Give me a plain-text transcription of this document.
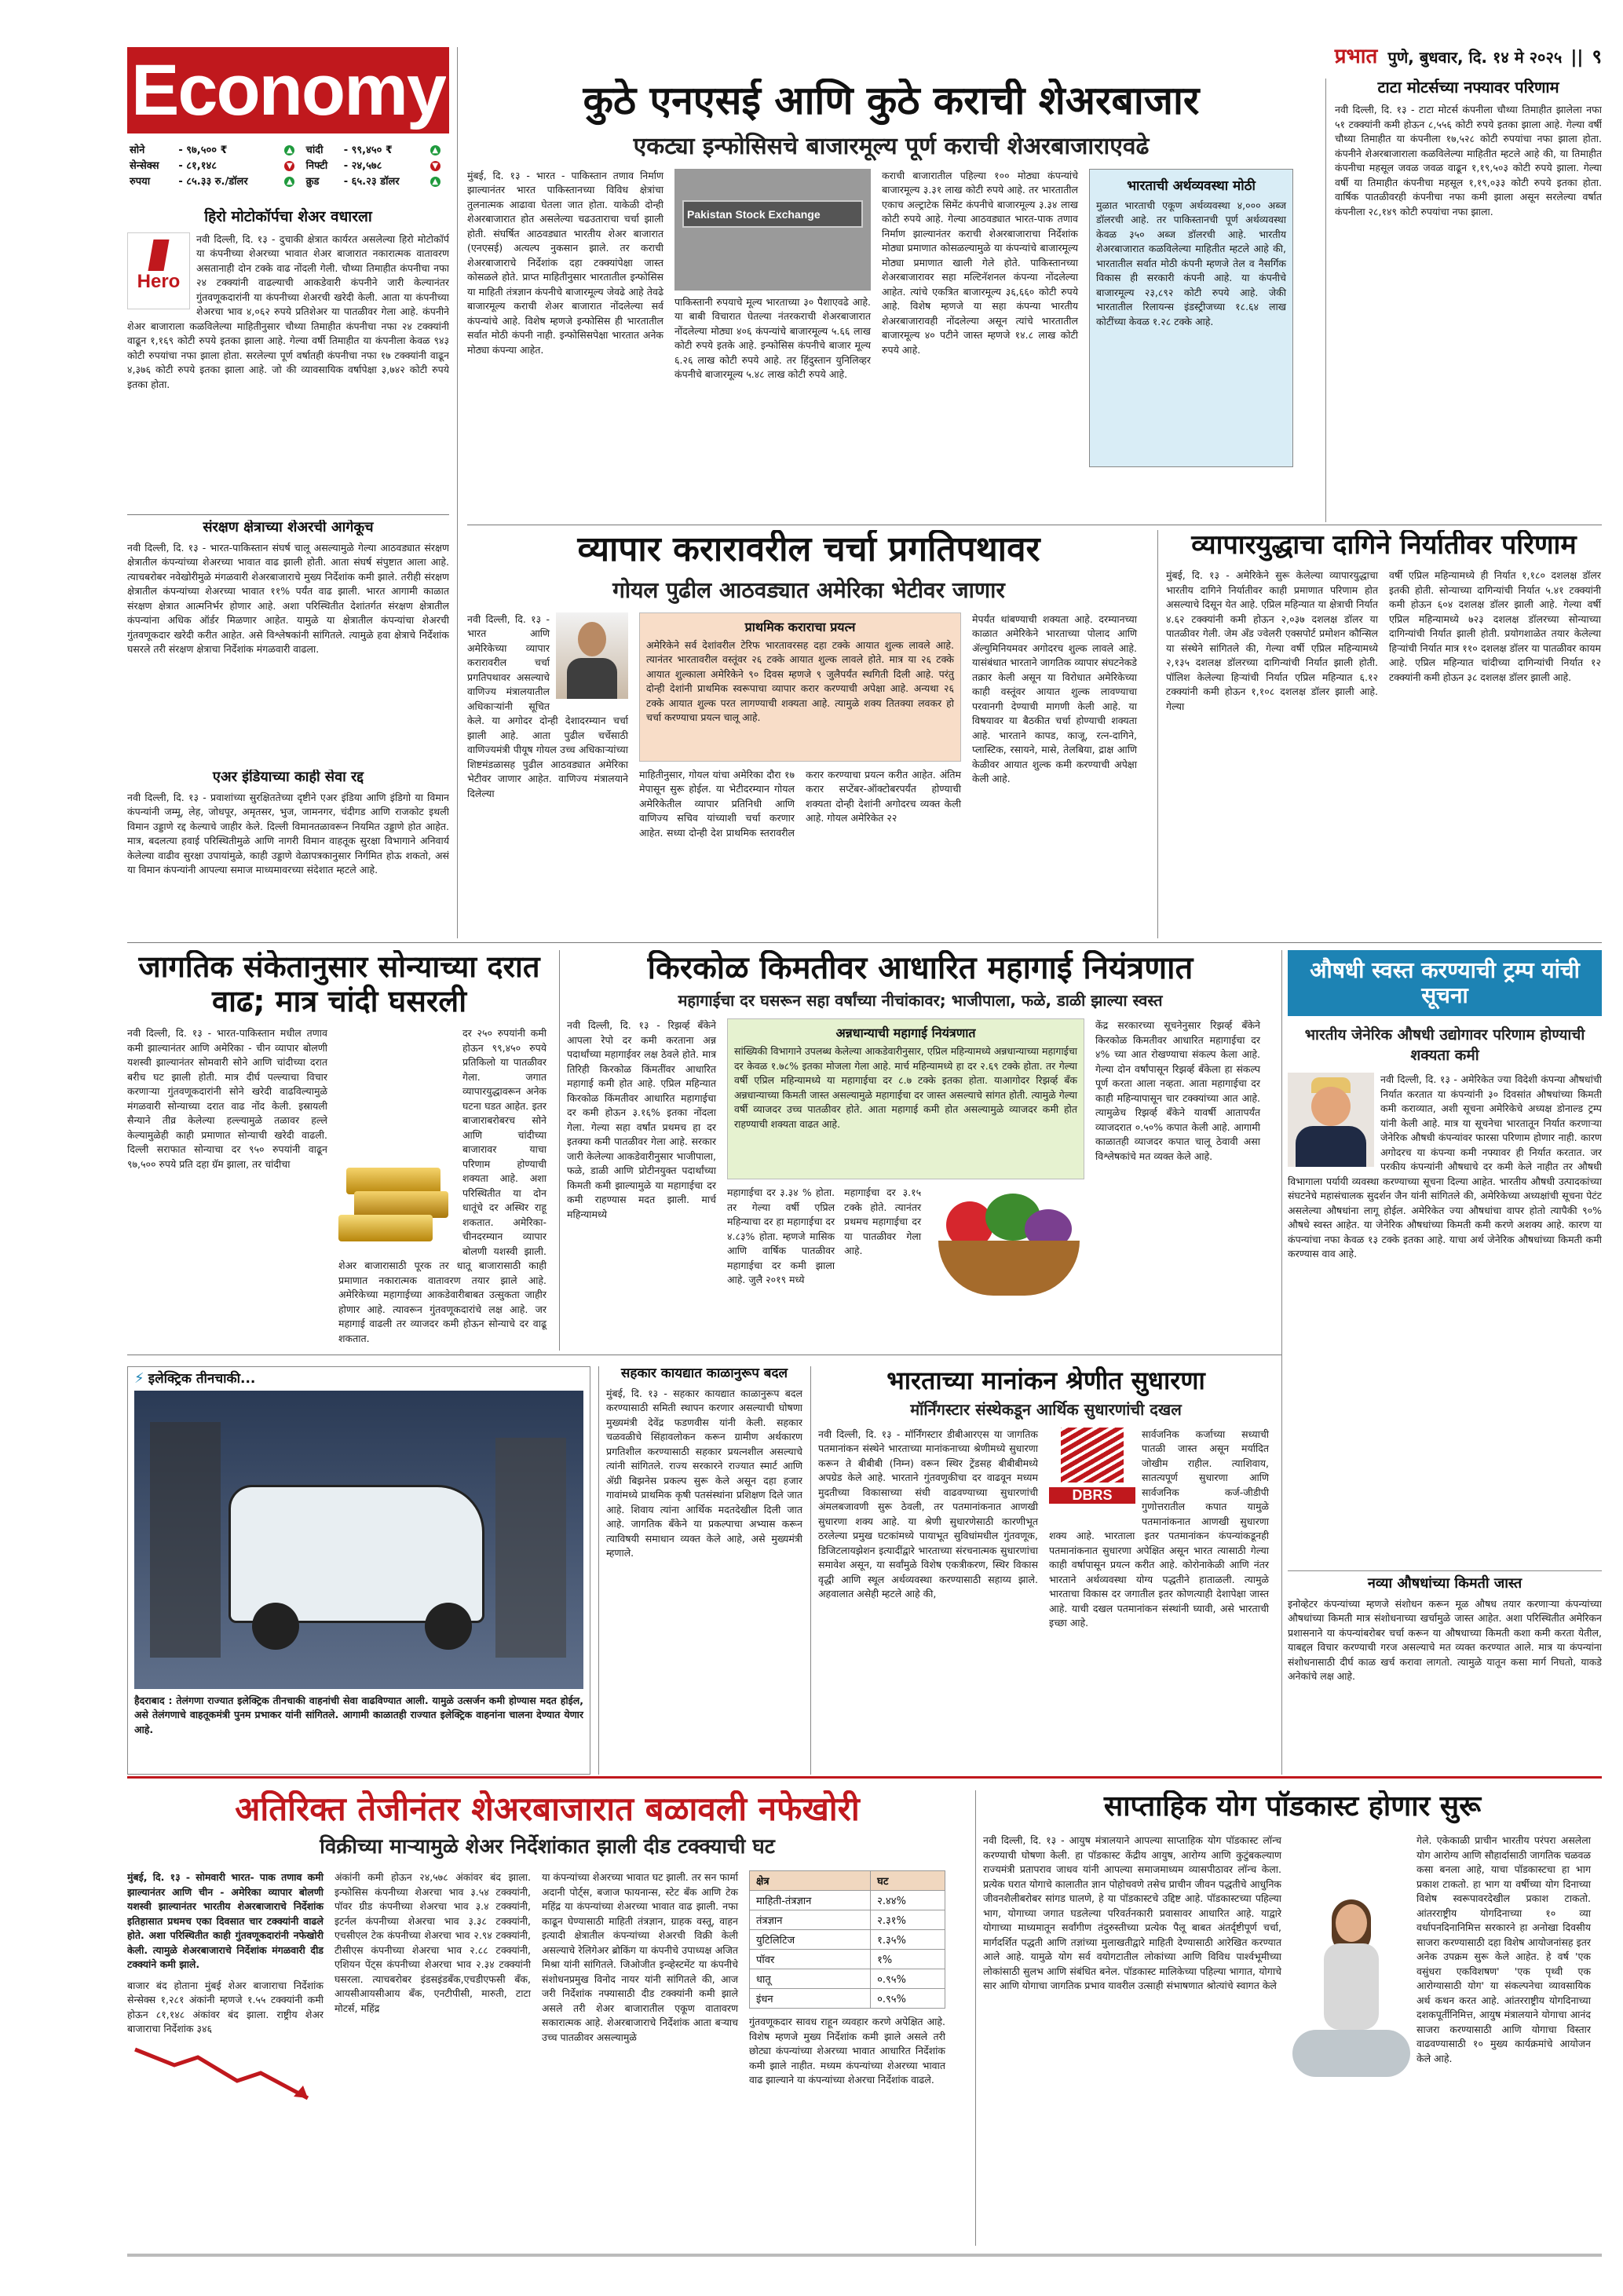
Economy	प्रभात पुणे, बुधवार, दि. १४ मे २०२५ || ९
सोने	- ९७,५०० ₹	▲	चांदी	- ९९,४५० ₹	▲
सेन्सेक्स	- ८१,१४८	▼	निफ्टी	- २४,५७८	▼
रुपया	- ८५.३३ रु./डॉलर	▲	क्रुड	- ६५.२३ डॉलर	▲
हिरो मोटोकॉर्पचा शेअर वधारला
Hero
नवी दिल्ली, दि. १३ - दुचाकी क्षेत्रात कार्यरत असलेल्या हिरो मोटोकॉर्प या कंपनीच्या शेअरच्या भावात शेअर बाजारात नकारात्मक वातावरण असतानाही दोन टक्के वाढ नोंदली गेली. चौथ्या तिमाहीत कंपनीचा नफा २४ टक्क्यांनी वाढल्याची आकडेवारी कंपनीने जारी केल्यानंतर गुंतवणूकदारांनी या कंपनीच्या शेअरची खरेदी केली. आता या कंपनीच्या शेअरचा भाव ४,०६२ रुपये प्रतिशेअर या पातळीवर गेला आहे. कंपनीने शेअर बाजाराला कळविलेल्या माहितीनुसार चौथ्या तिमाहीत कंपनीचा नफा २४ टक्क्यांनी वाढून १,१६९ कोटी रुपये इतका झाला आहे. गेल्या वर्षी तिमाहीत या कंपनीला केवळ ९४३ कोटी रुपयांचा नफा झाला होता. सरलेल्या पूर्ण वर्षातही कंपनीचा नफा १७ टक्क्यांनी वाढून ४,३७६ कोटी रुपये इतका झाला आहे. जो की व्यावसायिक वर्षापेक्षा ३,७४२ कोटी रुपये इतका होता.
संरक्षण क्षेत्राच्या शेअरची आगेकूच
नवी दिल्ली, दि. १३ - भारत-पाकिस्तान संघर्ष चालू असल्यामुळे गेल्या आठवड्यात संरक्षण क्षेत्रातील कंपन्यांच्या शेअरच्या भावात वाढ झाली होती. आता संघर्ष संपुष्टात आला आहे. त्याचबरोबर नवेखोरीमुळे मंगळवारी शेअरबाजाराचे मुख्य निर्देशांक कमी झाले. तरीही संरक्षण क्षेत्रातील कंपन्यांच्या शेअरच्या भावात ११% पर्यंत वाढ झाली. भारत आगामी काळात संरक्षण क्षेत्रात आत्मनिर्भर होणार आहे. अशा परिस्थितीत देशांतर्गत संरक्षण क्षेत्रातील कंपन्यांना अधिक ऑर्डर मिळणार आहेत. यामुळे या क्षेत्रातील कंपन्यांचा शेअरची गुंतवणूकदार खरेदी करीत आहेत. असे विश्लेषकांनी सांगितले. त्यामुळे हवा क्षेत्राचे निर्देशांक घसरले तरी संरक्षण क्षेत्राचा निर्देशांक मंगळवारी वाढला.
एअर इंडियाच्या काही सेवा रद्द
नवी दिल्ली, दि. १३ - प्रवाशांच्या सुरक्षिततेच्या दृष्टीने एअर इंडिया आणि इंडिगो या विमान कंपन्यांनी जम्मू, लेह, जोधपूर, अमृतसर, भुज, जामनगर, चंदीगड आणि राजकोट इथली विमान उड्डाणे रद्द केल्याचे जाहीर केले. दिल्ली विमानतळावरून नियमित उड्डाणे होत आहेत. मात्र, बदलत्या हवाई परिस्थितीमुळे आणि नागरी विमान वाहतूक सुरक्षा विभागाने अनिवार्य केलेल्या वाढीव सुरक्षा उपायांमुळे, काही उड्डाणे वेळापत्रकानुसार निर्गमित होऊ शकतो, असं या विमान कंपन्यांनी आपल्या समाज माध्यमावरच्या संदेशात म्हटले आहे.
कुठे एनएसई आणि कुठे कराची शेअरबाजार
एकट्या इन्फोसिसचे बाजारमूल्य पूर्ण कराची शेअरबाजाराएवढे
मुंबई, दि. १३ - भारत - पाकिस्तान तणाव निर्माण झाल्यानंतर भारत पाकिस्तानच्या विविध क्षेत्रांचा तुलनात्मक आढावा घेतला जात होता. याकेळी दोन्ही शेअरबाजारात होत असलेल्या चढउताराचा चर्चा झाली होती. संघर्षित आठवड्यात भारतीय शेअर बाजारात (एनएसई) अत्यल्प नुकसान झाले. तर कराची शेअरबाजाराचे निर्देशांक दहा टक्क्यांपेक्षा जास्त कोसळले होते. प्राप्त माहितीनुसार भारतातील इन्फोसिस या माहिती तंत्रज्ञान कंपनीचे बाजारमूल्य जेवढे आहे तेवढे बाजारमूल्य कराची शेअर बाजारात नोंदलेल्या सर्व कंपन्यांचे आहे. विशेष म्हणजे इन्फोसिस ही भारतातील सर्वात मोठी कंपनी नाही. इन्फोसिसपेक्षा भारतात अनेक मोठ्या कंपन्या आहेत.
Pakistan Stock Exchange
पाकिस्तानी रुपयाचे मूल्य भारताच्या ३० पैशाएवढे आहे. या बाबी विचारात घेतल्या नंतरकराची शेअरबाजारात नोंदलेल्या मोठ्या ४०६ कंपन्यांचे बाजारमूल्य ५.६६ लाख कोटी रुपये इतके आहे. इन्फोसिस कंपनीचे बाजार मूल्य ६.२६ लाख कोटी रुपये आहे. तर हिंदुस्तान युनिलिव्हर कंपनीचे बाजारमूल्य ५.४८ लाख कोटी रुपये आहे.
कराची बाजारातील पहिल्या १०० मोठ्या कंपन्यांचे बाजारमूल्य ३.३१ लाख कोटी रुपये आहे. तर भारतातील एकाच अल्ट्राटेक सिमेंट कंपनीचे बाजारमूल्य ३.३४ लाख कोटी रुपये आहे. गेल्या आठवड्यात भारत-पाक तणाव निर्माण झाल्यानंतर कराची शेअरबाजाराचा निर्देशांक मोठ्या प्रमाणात कोसळल्यामुळे या कंपन्यांचे बाजारमूल्य मोठ्या प्रमाणात खाली गेले होते. पाकिस्तानच्या शेअरबाजारावर सहा मल्टिनॅशनल कंपन्या नोंदलेल्या आहेत. त्यांचे एकत्रित बाजारमूल्य ३६,६६० कोटी रुपये आहे. विशेष म्हणजे या सहा कंपन्या भारतीय शेअरबाजारावही नोंदलेल्या असून त्यांचे भारतातील बाजारमूल्य ४० पटीने जास्त म्हणजे १४.८ लाख कोटी रुपये आहे.
भारताची अर्थव्यवस्था मोठी
मुळात भारताची एकूण अर्थव्यवस्था ४,००० अब्ज डॉलरची आहे. तर पाकिस्तानची पूर्ण अर्थव्यवस्था केवळ ३५० अब्ज डॉलरची आहे. भारतीय शेअरबाजारात कळविलेल्या माहितीत म्हटले आहे की, भारतातील सर्वात मोठी कंपनी म्हणजे तेल व नैसर्गिक विकास ही सरकारी कंपनी आहे. या कंपनीचे बाजारमूल्य २३,८९२ कोटी रुपये आहे. जेकी भारतातील रिलायन्स इंडस्ट्रीजच्या १८.६४ लाख कोटींच्या केवळ १.२८ टक्के आहे.
टाटा मोटर्सच्या नफ्यावर परिणाम
नवी दिल्ली, दि. १३ - टाटा मोटर्स कंपनीला चौथ्या तिमाहीत झालेला नफा ५१ टक्क्यांनी कमी होऊन ८,५५६ कोटी रुपये इतका झाला आहे. गेल्या वर्षी चौथ्या तिमाहीत या कंपनीला १७,५२८ कोटी रुपयांचा नफा झाला होता. कंपनीने शेअरबाजाराला कळविलेल्या माहितीत म्हटले आहे की, या तिमाहीत कंपनीचा महसूल जवळ जवळ वाढून १,१९,५०३ कोटी रुपये झाला. गेल्या वर्षी या तिमाहीत कंपनीचा महसूल १,१९,०३३ कोटी रुपये इतका होता. वार्षिक पातळीवरही कंपनीचा नफा कमी झाला असून सरलेल्या वर्षात कंपनीला २८,१४९ कोटी रुपयांचा नफा झाला.
व्यापार करारावरील चर्चा प्रगतिपथावर
गोयल पुढील आठवड्यात अमेरिका भेटीवर जाणार
नवी दिल्ली, दि. १३ - भारत आणि अमेरिकेच्या व्यापार करारावरील चर्चा प्रगतिपथावर असल्याचे वाणिज्य मंत्रालयातील अधिकाऱ्यांनी सूचित केले. या अगोदर दोन्ही देशादरम्यान चर्चा झाली आहे. आता पुढील चर्चेसाठी वाणिज्यमंत्री पीयूष गोयल उच्च अधिकाऱ्यांच्या शिष्टमंडळासह पुढील आठवड्यात अमेरिका भेटीवर जाणार आहेत. वाणिज्य मंत्रालयाने दिलेल्या
प्राथमिक कराराचा प्रयत्न
अमेरिकेने सर्व देशांवरील टेरिफ भारतावरसह दहा टक्के आयात शुल्क लावले आहे. त्यानंतर भारतावरील वस्तूंवर २६ टक्के आयात शुल्क लावले होते. मात्र या २६ टक्के आयात शुल्काला अमेरिकेने ९० दिवस म्हणजे ९ जुलैपर्यंत स्थगिती दिली आहे. परंतु दोन्ही देशांनी प्राथमिक स्वरूपाचा व्यापार करार करण्याची अपेक्षा आहे. अन्यथा २६ टक्के आयात शुल्क परत लागण्याची शक्यता आहे. त्यामुळे शक्य तितक्या लवकर हो चर्चा करण्याचा प्रयत्न चालू आहे.
माहितीनुसार, गोयल यांचा अमेरिका दौरा १७ मेपासून सुरू होईल. या भेटीदरम्यान गोयल अमेरिकेतील व्यापार प्रतिनिधी आणि वाणिज्य सचिव यांच्याशी चर्चा करणार आहेत. सध्या दोन्ही देश प्राथमिक स्तरावरील करार करण्याचा प्रयत्न करीत आहेत. अंतिम करार सप्टेंबर-ऑक्टोबरपर्यंत होण्याची शक्यता दोन्ही देशांनी अगोदरच व्यक्त केली आहे. गोयल अमेरिकेत २२
मेपर्यंत थांबण्याची शक्यता आहे. दरम्यानच्या काळात अमेरिकेने भारताच्या पोलाद आणि ॲल्युमिनियमवर अगोदरच शुल्क लावले आहे. यासंबंधात भारताने जागतिक व्यापार संघटनेकडे तक्रार केली असून या विरोधात अमेरिकेच्या काही वस्तूंवर आयात शुल्क लावण्याचा परवानगी देण्याची मागणी केली आहे. या विषयावर या बैठकीत चर्चा होण्याची शक्यता आहे. भारताने कापड, काजू, रत्न-दागिने, प्लास्टिक, रसायने, मासे, तेलबिया, द्राक्ष आणि केळीवर आयात शुल्क कमी करण्याची अपेक्षा केली आहे.
व्यापारयुद्धाचा दागिने निर्यातीवर परिणाम
मुंबई, दि. १३ - अमेरिकेने सुरू केलेल्या व्यापारयुद्धाचा भारतीय दागिने निर्यातीवर काही प्रमाणात परिणाम होत असल्याचे दिसून येत आहे. एप्रिल महिन्यात या क्षेत्राची निर्यात ४.६२ टक्क्यांनी कमी होऊन २,०३७ दशलक्ष डॉलर या पातळीवर गेली. जेम अँड ज्वेलरी एक्सपोर्ट प्रमोशन कौन्सिल या संस्थेने सांगितले की, गेल्या वर्षी एप्रिल महिन्यामध्ये २,१३५ दशलक्ष डॉलरच्या दागिन्यांची निर्यात झाली होती. पॉलिश केलेल्या हिऱ्यांची निर्यात एप्रिल महिन्यात ६.१२ टक्क्यांनी कमी होऊन १,१०८ दशलक्ष डॉलर झाली आहे. गेल्या
वर्षी एप्रिल महिन्यामध्ये ही निर्यात १,१८० दशलक्ष डॉलर इतकी होती. सोन्याच्या दागिन्यांची निर्यात ५.४१ टक्क्यांनी कमी होऊन ६०४ दशलक्ष डॉलर झाली आहे. गेल्या वर्षी एप्रिल महिन्यामध्ये ७२३ दशलक्ष डॉलरच्या सोन्याच्या दागिन्यांची निर्यात झाली होती. प्रयोगशाळेत तयार केलेल्या हिऱ्यांची निर्यात मात्र ११० दशलक्ष डॉलर या पातळीवर कायम आहे. एप्रिल महिन्यात चांदीच्या दागिन्यांची निर्यात १२ टक्क्यांनी कमी होऊन ३८ दशलक्ष डॉलर झाली आहे.
जागतिक संकेतानुसार सोन्याच्या दरात वाढ; मात्र चांदी घसरली
नवी दिल्ली, दि. १३ - भारत-पाकिस्तान मधील तणाव कमी झाल्यानंतर आणि अमेरिका - चीन व्यापार बोलणी यशस्वी झाल्यानंतर सोमवारी सोने आणि चांदीच्या दरात बरीच घट झाली होती. मात्र दीर्घ पल्ल्याचा विचार करणाऱ्या गुंतवणूकदारांनी सोने खरेदी वाढविल्यामुळे मंगळवारी सोन्याच्या दरात वाढ नोंद केली. इस्रायली सैन्याने तीव्र केलेल्या हल्ल्यामुळे तळावर हल्ले केल्यामुळेही काही प्रमाणात सोन्याची खरेदी वाढली. दिल्ली सराफात सोन्याचा दर ९५० रुपयांनी वाढून ९७,५०० रुपये प्रति दहा ग्रॅम झाला, तर चांदीचा
दर २५० रुपयांनी कमी होऊन ९९,४५० रुपये प्रतिकिलो या पातळीवर गेला. जगात व्यापारयुद्धावरून अनेक घटना घडत आहेत. इतर बाजाराबरोबरच सोने आणि चांदीच्या बाजारावर याचा परिणाम होण्याची शक्यता आहे. अशा परिस्थितीत या दोन धातूंचे दर अस्थिर राहू शकतात. अमेरिका-चीनदरम्यान व्यापार बोलणी यशस्वी झाली. शेअर बाजारासाठी पूरक तर धातू बाजारासाठी काही प्रमाणात नकारात्मक वातावरण तयार झाले आहे. अमेरिकेच्या महागाईच्या आकडेवारीबाबत उत्सुकता जाहीर होणार आहे. त्यावरून गुंतवणूकदारांचे लक्ष आहे. जर महागाई वाढली तर व्याजदर कमी होऊन सोन्याचे दर वाढू शकतात.
किरकोळ किमतीवर आधारित महागाई नियंत्रणात
महागाईचा दर घसरून सहा वर्षांच्या नीचांकावर; भाजीपाला, फळे, डाळी झाल्या स्वस्त
नवी दिल्ली, दि. १३ - रिझर्व्ह बँकेने आपला रेपो दर कमी करताना अन्न पदार्थांच्या महागाईवर लक्ष ठेवले होते. मात्र तिरिही किरकोळ किंमतींवर आधारित महागाई कमी होत आहे. एप्रिल महिन्यात किरकोळ किंमतीवर आधारित महागाईचा दर कमी होऊन ३.१६% इतका नोंदला गेला. गेल्या सहा वर्षांत प्रथमच हा दर इतक्या कमी पातळीवर गेला आहे. सरकार जारी केलेल्या आकडेवारीनुसार भाजीपाला, फळे, डाळी आणि प्रोटीनयुक्त पदार्थांच्या किमती कमी झाल्यामुळे या महागाईचा दर कमी राहण्यास मदत झाली. मार्च महिन्यामध्ये
अन्नधान्याची महागाई नियंत्रणात
सांख्यिकी विभागाने उपलब्ध केलेल्या आकडेवारीनुसार, एप्रिल महिन्यामध्ये अन्नधान्याच्या महागाईचा दर केवळ १.७८% इतका मोजला गेला आहे. मार्च महिन्यामध्ये हा दर २.६९ टक्के होता. तर गेल्या वर्षी एप्रिल महिन्यामध्ये या महागाईचा दर ८.७ टक्के इतका होता. याआगोदर रिझर्व्ह बँक अन्नधान्याच्या किमती जास्त असल्यामुळे महागाईचा दर जास्त असल्याचे सांगत होती. त्यामुळे गेल्या वर्षी व्याजदर उच्च पातळीवर होते. आता महागाई कमी होत असल्यामुळे व्याजदर कमी होत राहण्याची शक्यता वाढत आहे.
महागाईचा दर ३.३४ % होता. तर गेल्या वर्षी एप्रिल महिन्याचा दर हा महागाईचा दर ४.८३% होता. म्हणजे मासिक आणि वार्षिक पातळीवर महागाईचा दर कमी झाला आहे. जुलै २०१९ मध्ये
महागाईचा दर ३.१५ टक्के होते. त्यानंतर प्रथमच महागाईचा दर या पातळीवर गेला आहे.
केंद्र सरकारच्या सूचनेनुसार रिझर्व्ह बँकेने किरकोळ किमतीवर आधारित महागाईचा दर ४% च्या आत रोखण्याचा संकल्प केला आहे. गेल्या दोन वर्षांपासून रिझर्व्ह बँकेला हा संकल्प पूर्ण करता आला नव्हता. आता महागाईचा दर काही महिन्यापासून चार टक्क्यांच्या आत आहे. त्यामुळेच रिझर्व्ह बँकेने यावर्षी आतापर्यंत व्याजदरात ०.५०% कपात केली आहे. आगामी काळातही व्याजदर कपात चालू ठेवावी असा विश्लेषकांचे मत व्यक्त केले आहे.
औषधी स्वस्त करण्याची ट्रम्प यांची सूचना
भारतीय जेनेरिक औषधी उद्योगावर परिणाम होण्याची शक्यता कमी
नवी दिल्ली, दि. १३ - अमेरिकेत ज्या विदेशी कंपन्या औषधांची निर्यात करतात या कंपन्यांनी ३० दिवसांत औषधांच्या किमती कमी कराव्यात, अशी सूचना अमेरिकेचे अध्यक्ष डोनाल्ड ट्रम्प यांनी केली आहे. मात्र या सूचनेचा भारतातून निर्यात करणाऱ्या जेनेरिक औषधी कंपन्यांवर फारसा परिणाम होणार नाही. कारण अगोदरच या कंपन्या कमी नफ्यावर ही निर्यात करतात. जर परकीय कंपन्यांनी औषधाचे दर कमी केले नाहीत तर औषधी विभागाला पर्यायी व्यवस्था करण्याच्या सूचना दिल्या आहेत. भारतीय औषधी उत्पादकांच्या संघटनेचे महासंचालक सुदर्शन जैन यांनी सांगितले की, अमेरिकेच्या अध्यक्षांची सूचना पेटंट असलेल्या औषधांना लागू होईल. अमेरिकेत ज्या औषधांचा वापर होतो त्यापैकी ९०% औषधे स्वस्त आहेत. या जेनेरिक औषधांच्या किमती कमी करणे अशक्य आहे. कारण या कंपन्यांचा नफा केवळ १३ टक्के इतका आहे. याचा अर्थ जेनेरिक औषधांच्या किमती कमी करण्यास वाव आहे.
नव्या औषधांच्या किमती जास्त
इनोव्हेटर कंपन्यांच्या म्हणजे संशोधन करून मूळ औषध तयार करणाऱ्या कंपन्यांच्या औषधांच्या किमती मात्र संशोधनाच्या खर्चामुळे जास्त आहेत. अशा परिस्थितीत अमेरिकन प्रशासनाने या कंपन्यांबरोबर चर्चा करून या औषधाच्या किमती कशा कमी करता येतील, याबद्दल विचार करण्याची गरज असल्याचे मत व्यक्त करण्यात आले. मात्र या कंपन्यांना संशोधनासाठी दीर्घ काळ खर्च करावा लागतो. त्यामुळे यातून कसा मार्ग निघतो, याकडे अनेकांचे लक्ष आहे.
⚡ इलेक्ट्रिक तीनचाकी...
हैदराबाद : तेलंगणा राज्यात इलेक्ट्रिक तीनचाकी वाहनांची सेवा वाढविण्यात आली. यामुळे उत्सर्जन कमी होण्यास मदत होईल, असे तेलंगणाचे वाहतूकमंत्री पुनम प्रभाकर यांनी सांगितले. आगामी काळातही राज्यात इलेक्ट्रिक वाहनांना चालना देण्यात येणार आहे.
सहकार कायद्यात काळानुरूप बदल
मुंबई, दि. १३ - सहकार कायद्यात काळानुरूप बदल करण्यासाठी समिती स्थापन करणार असल्याची घोषणा मुख्यमंत्री देवेंद्र फडणवीस यांनी केली. सहकार चळवळीचे सिंहावलोकन करून ग्रामीण अर्थकारण प्रगतिशील करण्यासाठी सहकार प्रयत्नशील असल्याचे त्यांनी सांगितले. राज्य सरकारने राज्यात स्मार्ट आणि ॲग्री बिझनेस प्रकल्प सुरू केले असून दहा हजार गावांमध्ये प्राथमिक कृषी पतसंस्थांना प्रशिक्षण दिले जात आहे. शिवाय त्यांना आर्थिक मदतदेखील दिली जात आहे. जागतिक बँकेने या प्रकल्पाचा अभ्यास करून त्याविषयी समाधान व्यक्त केले आहे, असे मुख्यमंत्री म्हणाले.
भारताच्या मानांकन श्रेणीत सुधारणा
मॉर्निंगस्टार संस्थेकडून आर्थिक सुधारणांची दखल
नवी दिल्ली, दि. १३ - मॉर्निंगस्टार डीबीआरएस या जागतिक पतमानांकन संस्थेने भारताच्या मानांकनाच्या श्रेणीमध्ये सुधारणा करून ते बीबीबी (निम्न) वरून स्थिर ट्रेंडसह बीबीबीमध्ये अपग्रेड केले आहे. भारताने गुंतवणुकीचा दर वाढवून मध्यम मुदतीच्या विकासाच्या संधी वाढवण्याच्या सुधारणांची अंमलबजावणी सुरू ठेवली, तर पतमानांकनात आणखी सुधारणा शक्य आहे. या श्रेणी सुधारणेसाठी कारणीभूत ठरलेल्या प्रमुख घटकांमध्ये पायाभूत सुविधांमधील गुंतवणूक, डिजिटलायझेशन इत्यादींद्वारे भारताच्या संरचनात्मक सुधारणांचा समावेश असून, या सर्वांमुळे विशेष एकत्रीकरण, स्थिर विकास वृद्धी आणि स्थूल अर्थव्यवस्था करण्यासाठी सहाय्य झाले. अहवालात असेही म्हटले आहे की,
DBRS
सार्वजनिक कर्जाच्या सध्याची पातळी जास्त असून मर्यादित जोखीम राहील. त्याशिवाय, सातत्यपूर्ण सुधारणा आणि सार्वजनिक कर्ज-जीडीपी गुणोत्तरातील कपात यामुळे पतमानांकनात आणखी सुधारणा शक्य आहे. भारताला इतर पतमानांकन कंपन्यांकडूनही पतमानांकनात सुधारणा अपेक्षित असून भारत त्यासाठी गेल्या काही वर्षापासून प्रयत्न करीत आहे. कोरोनाकेळी आणि नंतर भारताने अर्थव्यवस्था योग्य पद्धतीने हाताळली. त्यामुळे भारताचा विकास दर जगातील इतर कोणत्याही देशापेक्षा जास्त आहे. याची दखल पतमानांकन संस्थांनी घ्यावी, असे भारताची इच्छा आहे.
अतिरिक्त तेजीनंतर शेअरबाजारात बळावली नफेखोरी
विक्रीच्या माऱ्यामुळे शेअर निर्देशांकात झाली दीड टक्क्याची घट
मुंबई, दि. १३ - सोमवारी भारत- पाक तणाव कमी झाल्यानंतर आणि चीन - अमेरिका व्यापार बोलणी यशस्वी झाल्यानंतर भारतीय शेअरबाजाराचे निर्देशांक इतिहासात प्रथमच एका दिवसात चार टक्क्यांनी वाढले होते. अशा परिस्थितीत काही गुंतवणूकदारांनी नफेखोरी केली. त्यामुळे शेअरबाजाराचे निर्देशांक मंगळवारी दीड टक्क्यांने कमी झाले.
बाजार बंद होताना मुंबई शेअर बाजाराचा निर्देशांक सेन्सेक्स १,२८१ अंकांनी म्हणजे १.५५ टक्क्यांनी कमी होऊन ८१,१४८ अंकांवर बंद झाला. राष्ट्रीय शेअर बाजाराचा निर्देशांक ३४६
अंकांनी कमी होऊन २४,५७८ अंकांवर बंद झाला. इन्फोसिस कंपनीच्या शेअरचा भाव ३.५४ टक्क्यांनी, पॉवर ग्रीड कंपनीच्या शेअरचा भाव ३.४ टक्क्यांनी, इटर्नल कंपनीच्या शेअरचा भाव ३.३८ टक्क्यांनी, एचसीएल टेक कंपनीच्या शेअरचा भाव २.९४ टक्क्यांनी, टीसीएस कंपनीच्या शेअरचा भाव २.८८ टक्क्यांनी, एशियन पेंट्स कंपनीच्या शेअरचा भाव २.३४ टक्क्यांनी घसरला. त्याचबरोबर इंडसइंडबँक,एचडीएफसी बँक, आयसीआयसीआय बँक, एनटीपीसी, मारुती, टाटा मोटर्स, महिंद्र
या कंपन्यांच्या शेअरच्या भावात घट झाली. तर सन फार्मा अदानी पोर्ट्स, बजाज फायनान्स, स्टेट बँक आणि टेक महिंद्र या कंपन्यांच्या शेअरच्या भावात वाढ झाली. नफा काढून घेण्यासाठी माहिती तंत्रज्ञान, ग्राहक वस्तू, वाहन इत्यादी क्षेत्रातील कंपन्यांच्या शेअरची विक्री केली असल्याचे रेलिगेअर ब्रोकिंग या कंपनीचे उपाध्यक्ष अजित मिश्रा यांनी सांगितले. जिओजीत इन्व्हेस्टमेंट या कंपनीचे संशोधनप्रमुख विनोद नायर यांनी सांगितले की, आज जरी निर्देशांक नफ्यासाठी दीड टक्क्यांनी कमी झाले असले तरी शेअर बाजारातील एकूण वातावरण सकारात्मक आहे. शेअरबाजाराचे निर्देशांक आता बऱ्याच उच्च पातळीवर असल्यामुळे
क्षेत्र	घट
माहिती-तंत्रज्ञान	२.४४%
तंत्रज्ञान	२.३१%
युटिलिटिज	१.३५%
पॉवर	१%
धातू	०.९५%
इंधन	०.९५%
गुंतवणूकदार सावध राहून व्यवहार करणे अपेक्षित आहे. विशेष म्हणजे मुख्य निर्देशांक कमी झाले असले तरी छोट्या कंपन्यांच्या शेअरच्या भावात आधारित निर्देशांक कमी झाले नाहीत. मध्यम कंपन्यांच्या शेअरच्या भावात वाढ झाल्याने या कंपन्यांच्या शेअरचा निर्देशांक वाढले.
साप्ताहिक योग पॉडकास्ट होणार सुरू
नवी दिल्ली, दि. १३ - आयुष मंत्रालयाने आपल्या साप्ताहिक योग पॉडकास्ट लॉन्च करण्याची घोषणा केली. हा पॉडकास्ट केंद्रीय आयुष, आरोग्य आणि कुटुंबकल्याण राज्यमंत्री प्रतापराव जाधव यांनी आपल्या समाजमाध्यम व्यासपीठावर लॉन्च केला. प्रत्येक घरात योगाचे कालातीत ज्ञान पोहोचवणे तसेच प्राचीन जीवन पद्धतीचे आधुनिक जीवनशैलीबरोबर सांगड घालणे, हे या पॉडकास्टचे उद्दिष्ट आहे. पॉडकास्टच्या पहिल्या भाग, योगाच्या जगात घडलेल्या परिवर्तनकारी प्रवासावर आधारित आहे. याद्वारे योगाच्या माध्यमातून सर्वांगीण तंदुरुस्तीच्या प्रत्येक पैलू बाबत अंतर्दृष्टीपूर्ण चर्चा, मार्गदर्शित पद्धती आणि तज्ञांच्या मुलाखतीद्वारे माहिती देण्यासाठी आरेखित करण्यात आले आहे. यामुळे योग सर्व वयोगटातील लोकांच्या आणि विविध पार्श्वभूमीच्या लोकांसाठी सुलभ आणि संबंधित बनेल. पॉडकास्ट मालिकेच्या पहिल्या भागात, योगाचे सार आणि योगाचा जागतिक प्रभाव यावरील उत्साही संभाषणात श्रोत्यांचे स्वागत केले
गेले. एकेकाळी प्राचीन भारतीय परंपरा असलेला योग आरोग्य आणि सौहार्दासाठी जागतिक चळवळ कसा बनला आहे, याचा पॉडकास्टचा हा भाग प्रकाश टाकतो. हा भाग या वर्षीच्या योग दिनाच्या विशेष स्वरूपावरदेखील प्रकाश टाकतो. आंतरराष्ट्रीय योगदिनाच्या १० व्या वर्धापनदिनानिमित्त सरकारने हा अनोखा दिवसीय साजरा करण्यासाठी दहा विशेष आयोजनांसह इतर अनेक उपक्रम सुरू केले आहेत. हे वर्ष 'एक वसुंधरा एकविशषण' 'एक पृथ्वी एक आरोग्यासाठी योग' या संकल्पनेचा व्यावसायिक अर्थ कथन करत आहे. आंतरराष्ट्रीय योगदिनाच्या दशकपूर्तीनिमित्त, आयुष मंत्रालयाने योगाचा आनंद साजरा करण्यासाठी आणि योगाचा विस्तार वाढवण्यासाठी १० मुख्य कार्यक्रमांचे आयोजन केले आहे.
